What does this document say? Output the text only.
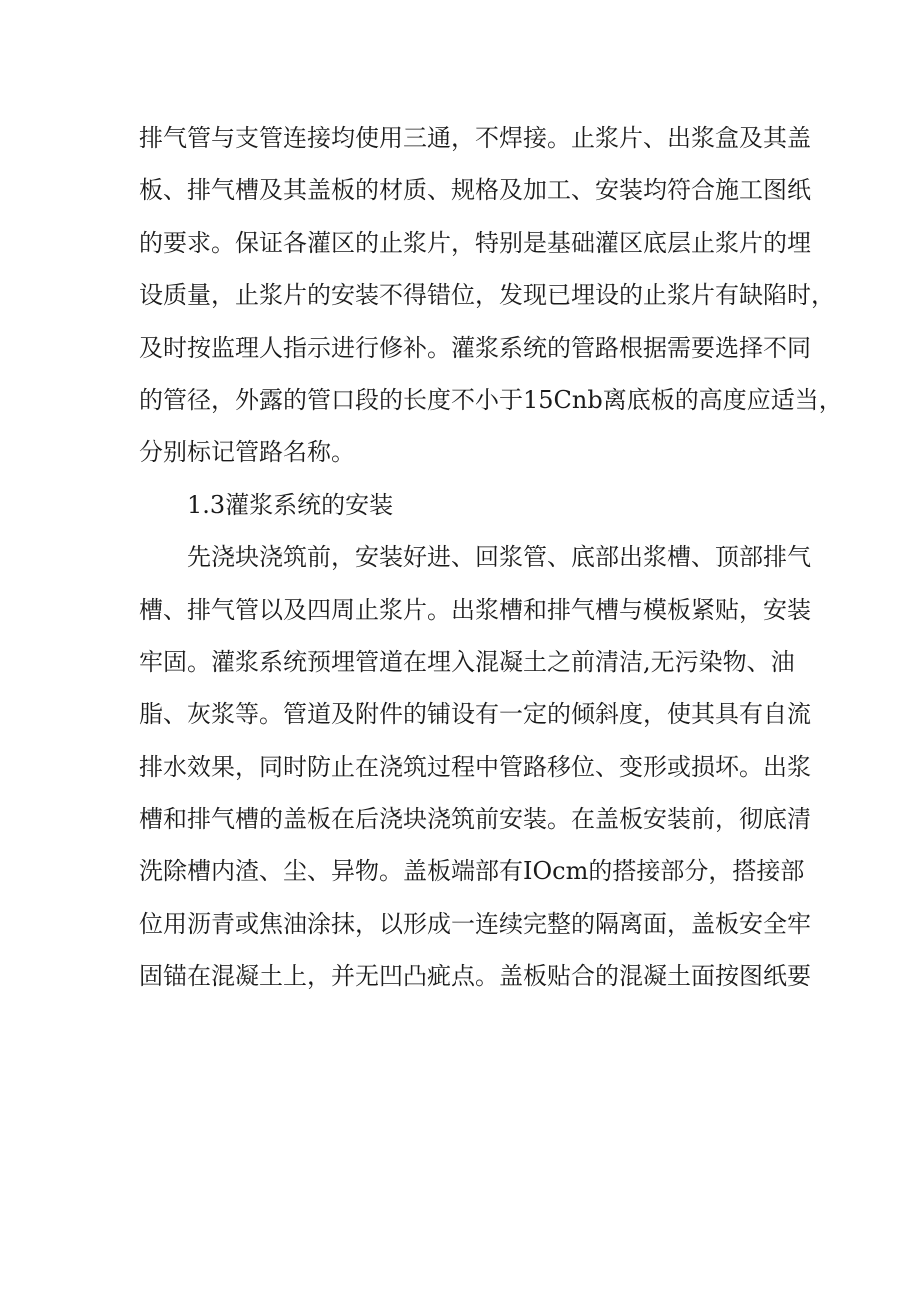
排气管与支管连接均使用三通，不焊接。止浆片、出浆盒及其盖
板、排气槽及其盖板的材质、规格及加工、安装均符合施工图纸
的要求。保证各灌区的止浆片，特别是基础灌区底层止浆片的埋
设质量，止浆片的安装不得错位，发现已埋设的止浆片有缺陷时，
及时按监理人指示进行修补。灌浆系统的管路根据需要选择不同
的管径，外露的管口段的长度不小于15Cnb离底板的高度应适当，
分别标记管路名称。
1.3灌浆系统的安装
先浇块浇筑前，安装好进、回浆管、底部出浆槽、顶部排气
槽、排气管以及四周止浆片。出浆槽和排气槽与模板紧贴，安装
牢固。灌浆系统预埋管道在埋入混凝土之前清洁,无污染物、油
脂、灰浆等。管道及附件的铺设有一定的倾斜度，使其具有自流
排水效果，同时防止在浇筑过程中管路移位、变形或损坏。出浆
槽和排气槽的盖板在后浇块浇筑前安装。在盖板安装前，彻底清
洗除槽内渣、尘、异物。盖板端部有IOcm的搭接部分，搭接部
位用沥青或焦油涂抹，以形成一连续完整的隔离面，盖板安全牢
固锚在混凝土上，并无凹凸疵点。盖板贴合的混凝土面按图纸要
